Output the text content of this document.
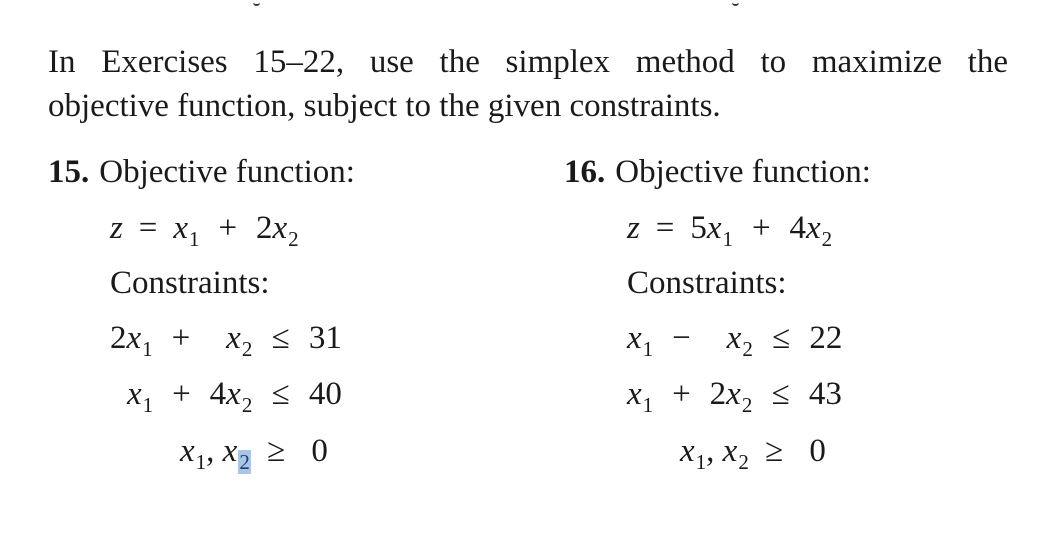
In Exercises 15–22, use the simplex method to maximize the
objective function, subject to the given constraints.
15. Objective function:
$z = x_1 + 2x_2$
Constraints:
$2x_1 + x_2 \le 31$
$x_1 + 4x_2 \le 40$
$x_1$, $x_2 \ge 0$
16. Objective function:
$z = 5x_1 + 4x_2$
Constraints:
$x_1 - x_2 \le 22$
$x_1 + 2x_2 \le 43$
$x_1$, $x_2 \ge 0$
